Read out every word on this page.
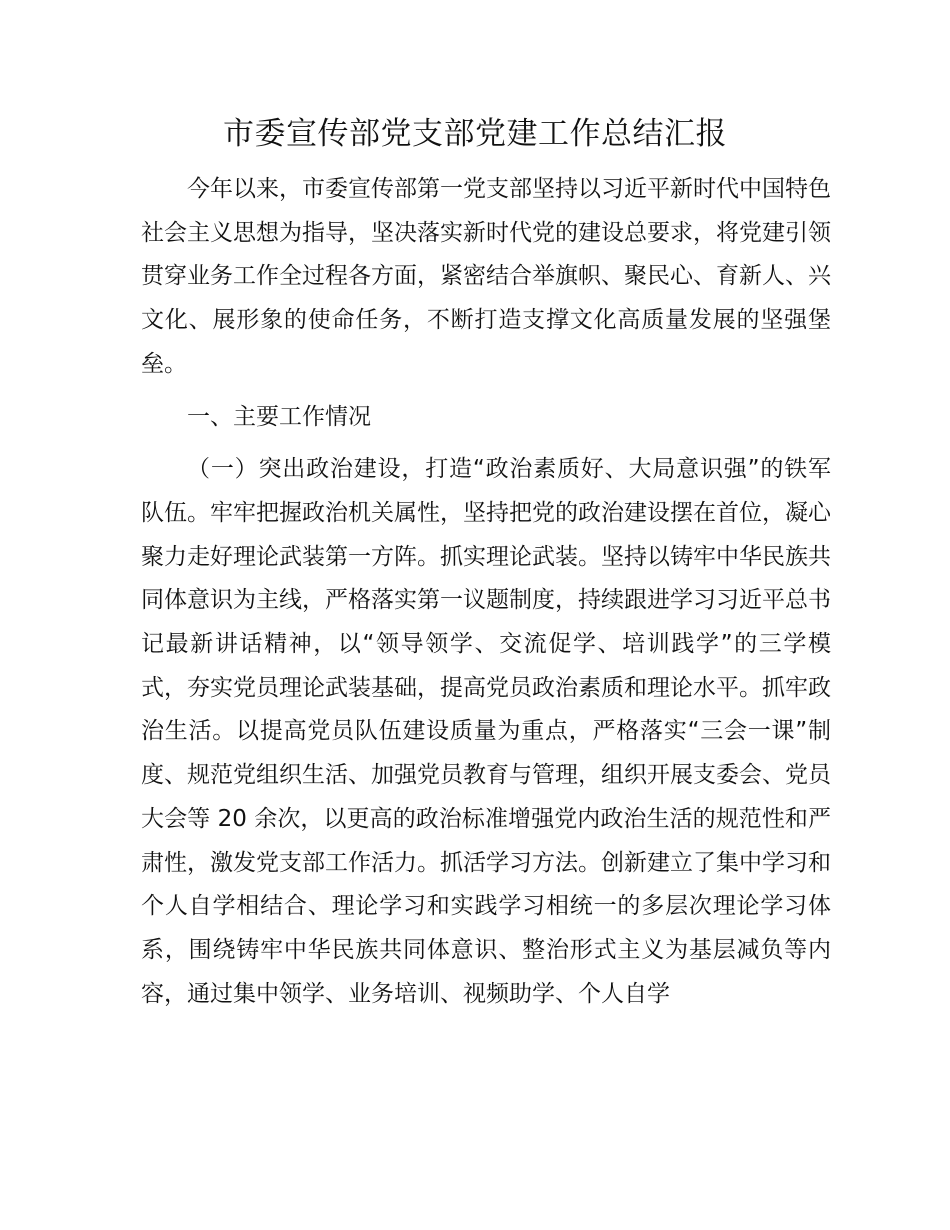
市委宣传部党支部党建工作总结汇报

今年以来，市委宣传部第一党支部坚持以习近平新时代中国特色社会主义思想为指导，坚决落实新时代党的建设总要求，将党建引领贯穿业务工作全过程各方面，紧密结合举旗帜、聚民心、育新人、兴文化、展形象的使命任务，不断打造支撑文化高质量发展的坚强堡垒。

一、主要工作情况

（一）突出政治建设，打造“政治素质好、大局意识强”的铁军队伍。牢牢把握政治机关属性，坚持把党的政治建设摆在首位，凝心聚力走好理论武装第一方阵。抓实理论武装。坚持以铸牢中华民族共同体意识为主线，严格落实第一议题制度，持续跟进学习习近平总书记最新讲话精神，以“领导领学、交流促学、培训践学”的三学模式，夯实党员理论武装基础，提高党员政治素质和理论水平。抓牢政治生活。以提高党员队伍建设质量为重点，严格落实“三会一课”制度、规范党组织生活、加强党员教育与管理，组织开展支委会、党员大会等 20 余次，以更高的政治标准增强党内政治生活的规范性和严肃性，激发党支部工作活力。抓活学习方法。创新建立了集中学习和个人自学相结合、理论学习和实践学习相统一的多层次理论学习体系，围绕铸牢中华民族共同体意识、整治形式主义为基层减负等内容，通过集中领学、业务培训、视频助学、个人自学
